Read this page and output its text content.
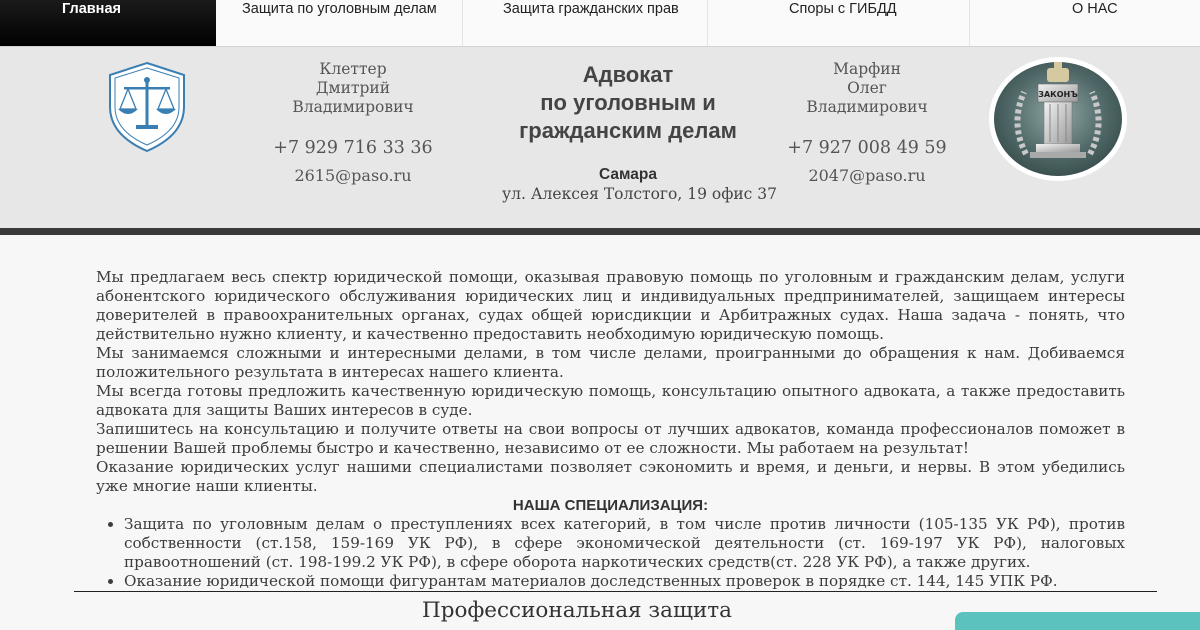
Главная	Защита по уголовным делам	Защита гражданских прав	Споры с ГИБДД	О НАС
Клеттер
Дмитрий
Владимирович
+7 929 716 33 36
2615@paso.ru
Адвокат
по уголовным и
гражданским делам
Самара
ул. Алексея Толстого, 19 офис 37
Марфин
Олег
Владимирович
+7 927 008 49 59
2047@paso.ru
ЗАКОНЪ

Мы предлагаем весь спектр юридической помощи, оказывая правовую помощь по уголовным и гражданским делам, услуги абонентского юридического обслуживания юридических лиц и индивидуальных предпринимателей, защищаем интересы доверителей в правоохранительных органах, судах общей юрисдикции и Арбитражных судах. Наша задача - понять, что действительно нужно клиенту, и качественно предоставить необходимую юридическую помощь.

Мы занимаемся сложными и интересными делами, в том числе делами, проигранными до обращения к нам. Добиваемся положительного результата в интересах нашего клиента.

Мы всегда готовы предложить качественную юридическую помощь, консультацию опытного адвоката, а также предоставить адвоката для защиты Ваших интересов в суде.

Запишитесь на консультацию и получите ответы на свои вопросы от лучших адвокатов, команда профессионалов поможет в решении Вашей проблемы быстро и качественно, независимо от ее сложности. Мы работаем на результат!

Оказание юридических услуг нашими специалистами позволяет сэкономить и время, и деньги, и нервы. В этом убедились уже многие наши клиенты.

НАША СПЕЦИАЛИЗАЦИЯ:
• Защита по уголовным делам о преступлениях всех категорий, в том числе против личности (105-135 УК РФ), против собственности (ст.158, 159-169 УК РФ), в сфере экономической деятельности (ст. 169-197 УК РФ), налоговых правоотношений (ст. 198-199.2 УК РФ), в сфере оборота наркотических средств(ст. 228 УК РФ), а также других.
• Оказание юридической помощи фигурантам материалов доследственных проверок в порядке ст. 144, 145 УПК РФ.
Профессиональная защита
